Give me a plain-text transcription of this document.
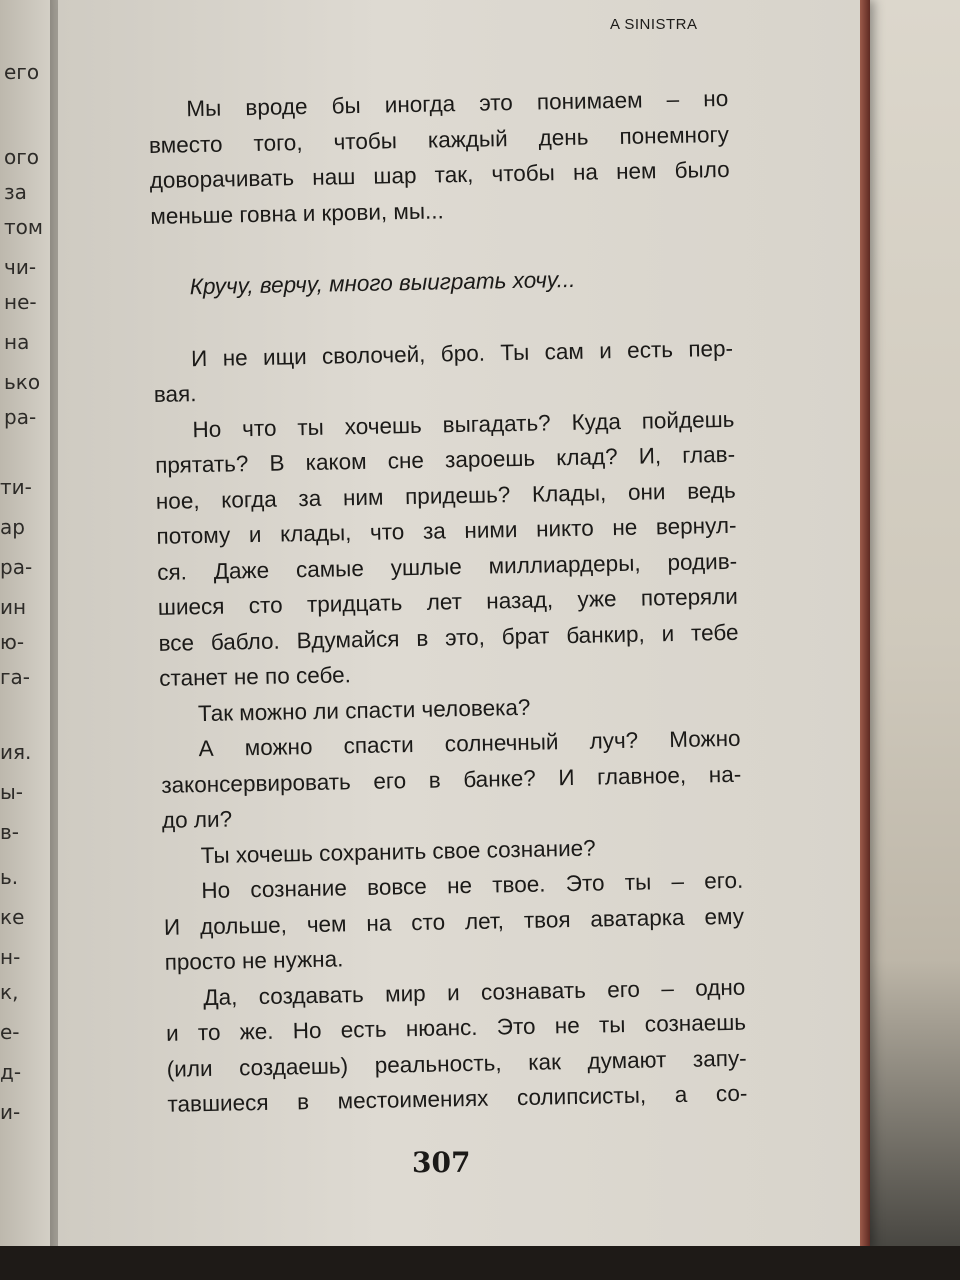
его
ого
за
том
чи-
не-
на
ько
ра-
ти-
ар
ра-
ин
ю-
га-
ия.
ы-
в-
ь.
ке
н-
к,
е-
д-
и-
A SINISTRA
Мы вроде бы иногда это понимаем – но
вместо того, чтобы каждый день понемногу
доворачивать наш шар так, чтобы на нем было
меньше говна и крови, мы...
Кручу, верчу, много выиграть хочу...
И не ищи сволочей, бро. Ты сам и есть пер-
вая.
Но что ты хочешь выгадать? Куда пойдешь
прятать? В каком сне зароешь клад? И, глав-
ное, когда за ним придешь? Клады, они ведь
потому и клады, что за ними никто не вернул-
ся. Даже самые ушлые миллиардеры, родив-
шиеся сто тридцать лет назад, уже потеряли
все бабло. Вдумайся в это, брат банкир, и тебе
станет не по себе.
Так можно ли спасти человека?
А можно спасти солнечный луч? Можно
законсервировать его в банке? И главное, на-
до ли?
Ты хочешь сохранить свое сознание?
Но сознание вовсе не твое. Это ты – его.
И дольше, чем на сто лет, твоя аватарка ему
просто не нужна.
Да, создавать мир и сознавать его – одно
и то же. Но есть нюанс. Это не ты сознаешь
(или создаешь) реальность, как думают запу-
тавшиеся в местоимениях солипсисты, а со-
307
